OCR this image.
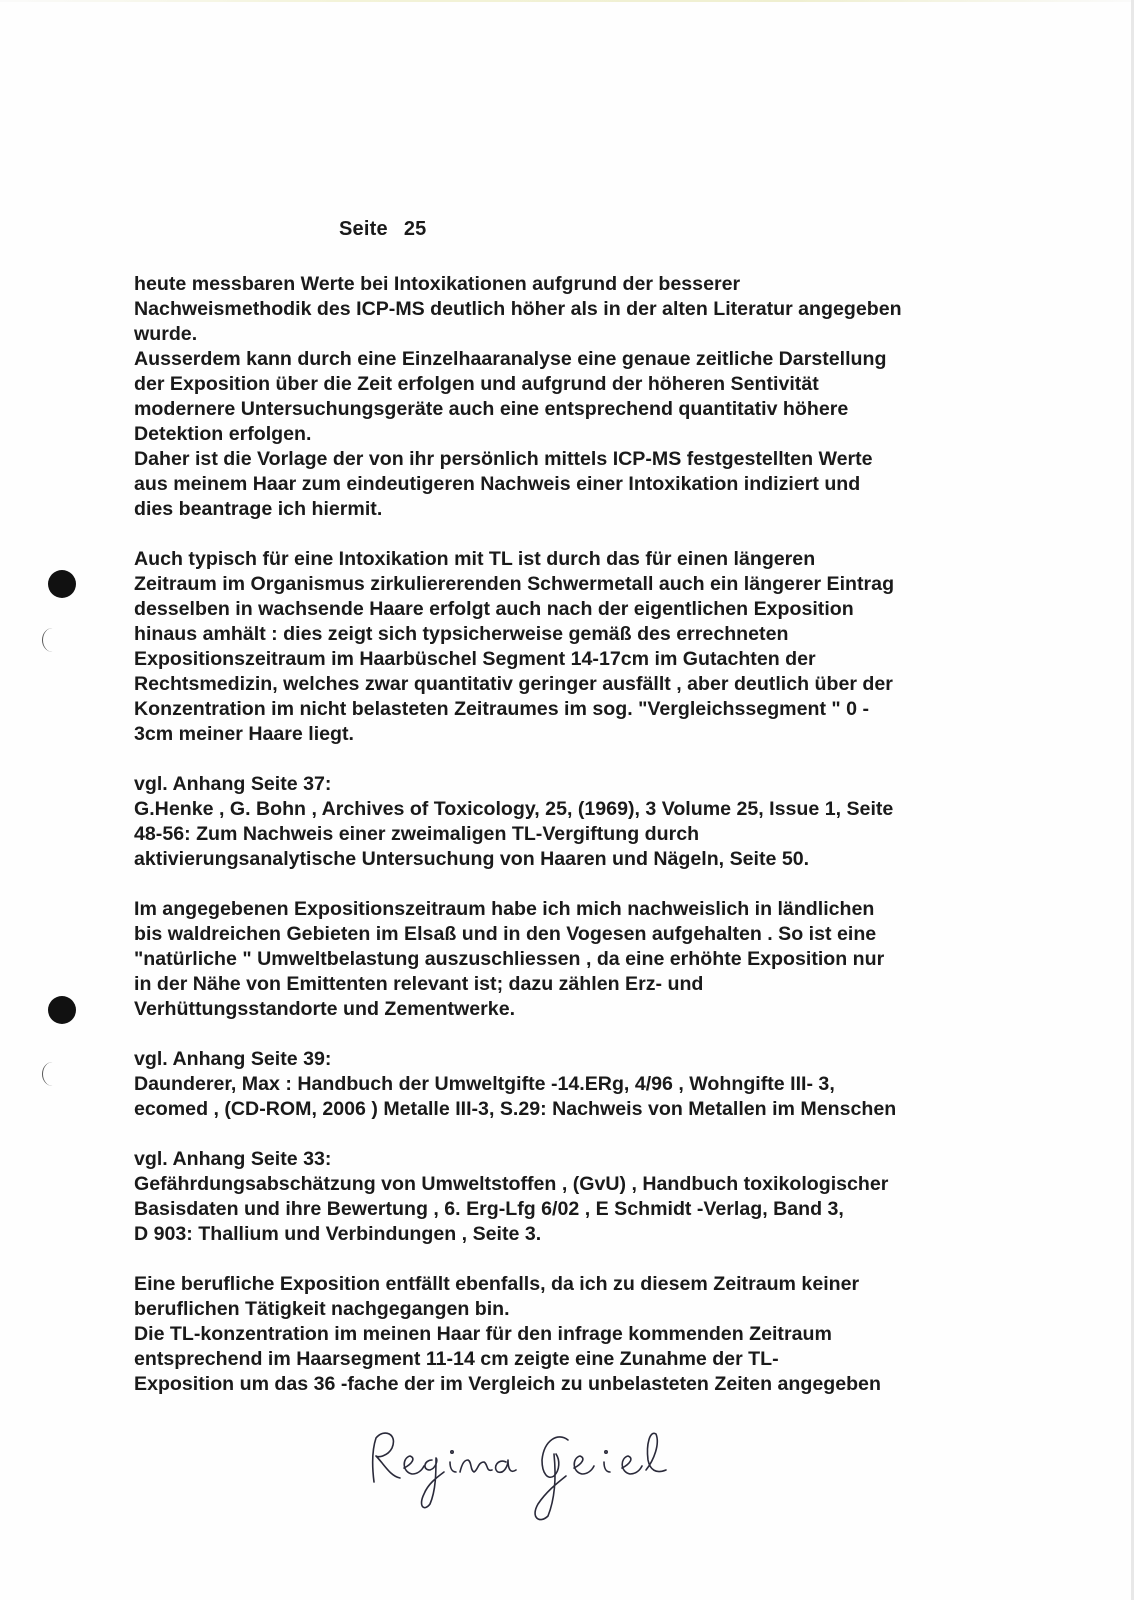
Seite 25
heute messbaren Werte bei Intoxikationen aufgrund der besserer
Nachweismethodik des ICP-MS deutlich höher als in der alten Literatur angegeben
wurde.
Ausserdem kann durch eine Einzelhaaranalyse eine genaue zeitliche Darstellung
der Exposition über die Zeit erfolgen und aufgrund der höheren Sentivität
modernere Untersuchungsgeräte auch eine entsprechend quantitativ höhere
Detektion erfolgen.
Daher ist die Vorlage der von ihr persönlich mittels ICP-MS festgestellten Werte
aus meinem Haar zum eindeutigeren Nachweis einer Intoxikation indiziert und
dies beantrage ich hiermit.
Auch typisch für eine Intoxikation mit TL ist durch das für einen längeren
Zeitraum im Organismus zirkuliererenden Schwermetall auch ein längerer Eintrag
desselben in wachsende Haare erfolgt auch nach der eigentlichen Exposition
hinaus amhält : dies zeigt sich typsicherweise gemäß des errechneten
Expositionszeitraum im Haarbüschel Segment 14-17cm im Gutachten der
Rechtsmedizin, welches zwar quantitativ geringer ausfällt , aber deutlich über der
Konzentration im nicht belasteten Zeitraumes im sog. "Vergleichssegment " 0 -
3cm meiner Haare liegt.
vgl. Anhang Seite 37:
G.Henke , G. Bohn , Archives of Toxicology, 25, (1969), 3 Volume 25, Issue 1, Seite
48-56: Zum Nachweis einer zweimaligen TL-Vergiftung durch
aktivierungsanalytische Untersuchung von Haaren und Nägeln, Seite 50.
Im angegebenen Expositionszeitraum habe ich mich nachweislich in ländlichen
bis waldreichen Gebieten im Elsaß und in den Vogesen aufgehalten . So ist eine
"natürliche " Umweltbelastung auszuschliessen , da eine erhöhte Exposition nur
in der Nähe von Emittenten relevant ist; dazu zählen Erz- und
Verhüttungsstandorte und Zementwerke.
vgl. Anhang Seite 39:
Daunderer, Max : Handbuch der Umweltgifte -14.ERg, 4/96 , Wohngifte III- 3,
ecomed , (CD-ROM, 2006 ) Metalle III-3, S.29: Nachweis von Metallen im Menschen
vgl. Anhang Seite 33:
Gefährdungsabschätzung von Umweltstoffen , (GvU) , Handbuch toxikologischer
Basisdaten und ihre Bewertung , 6. Erg-Lfg 6/02 , E Schmidt -Verlag, Band 3,
D 903: Thallium und Verbindungen , Seite 3.
Eine berufliche Exposition entfällt ebenfalls, da ich zu diesem Zeitraum keiner
beruflichen Tätigkeit nachgegangen bin.
Die TL-konzentration im meinen Haar für den infrage kommenden Zeitraum
entsprechend im Haarsegment 11-14 cm zeigte eine Zunahme der TL-
Exposition um das 36 -fache der im Vergleich zu unbelasteten Zeiten angegeben
